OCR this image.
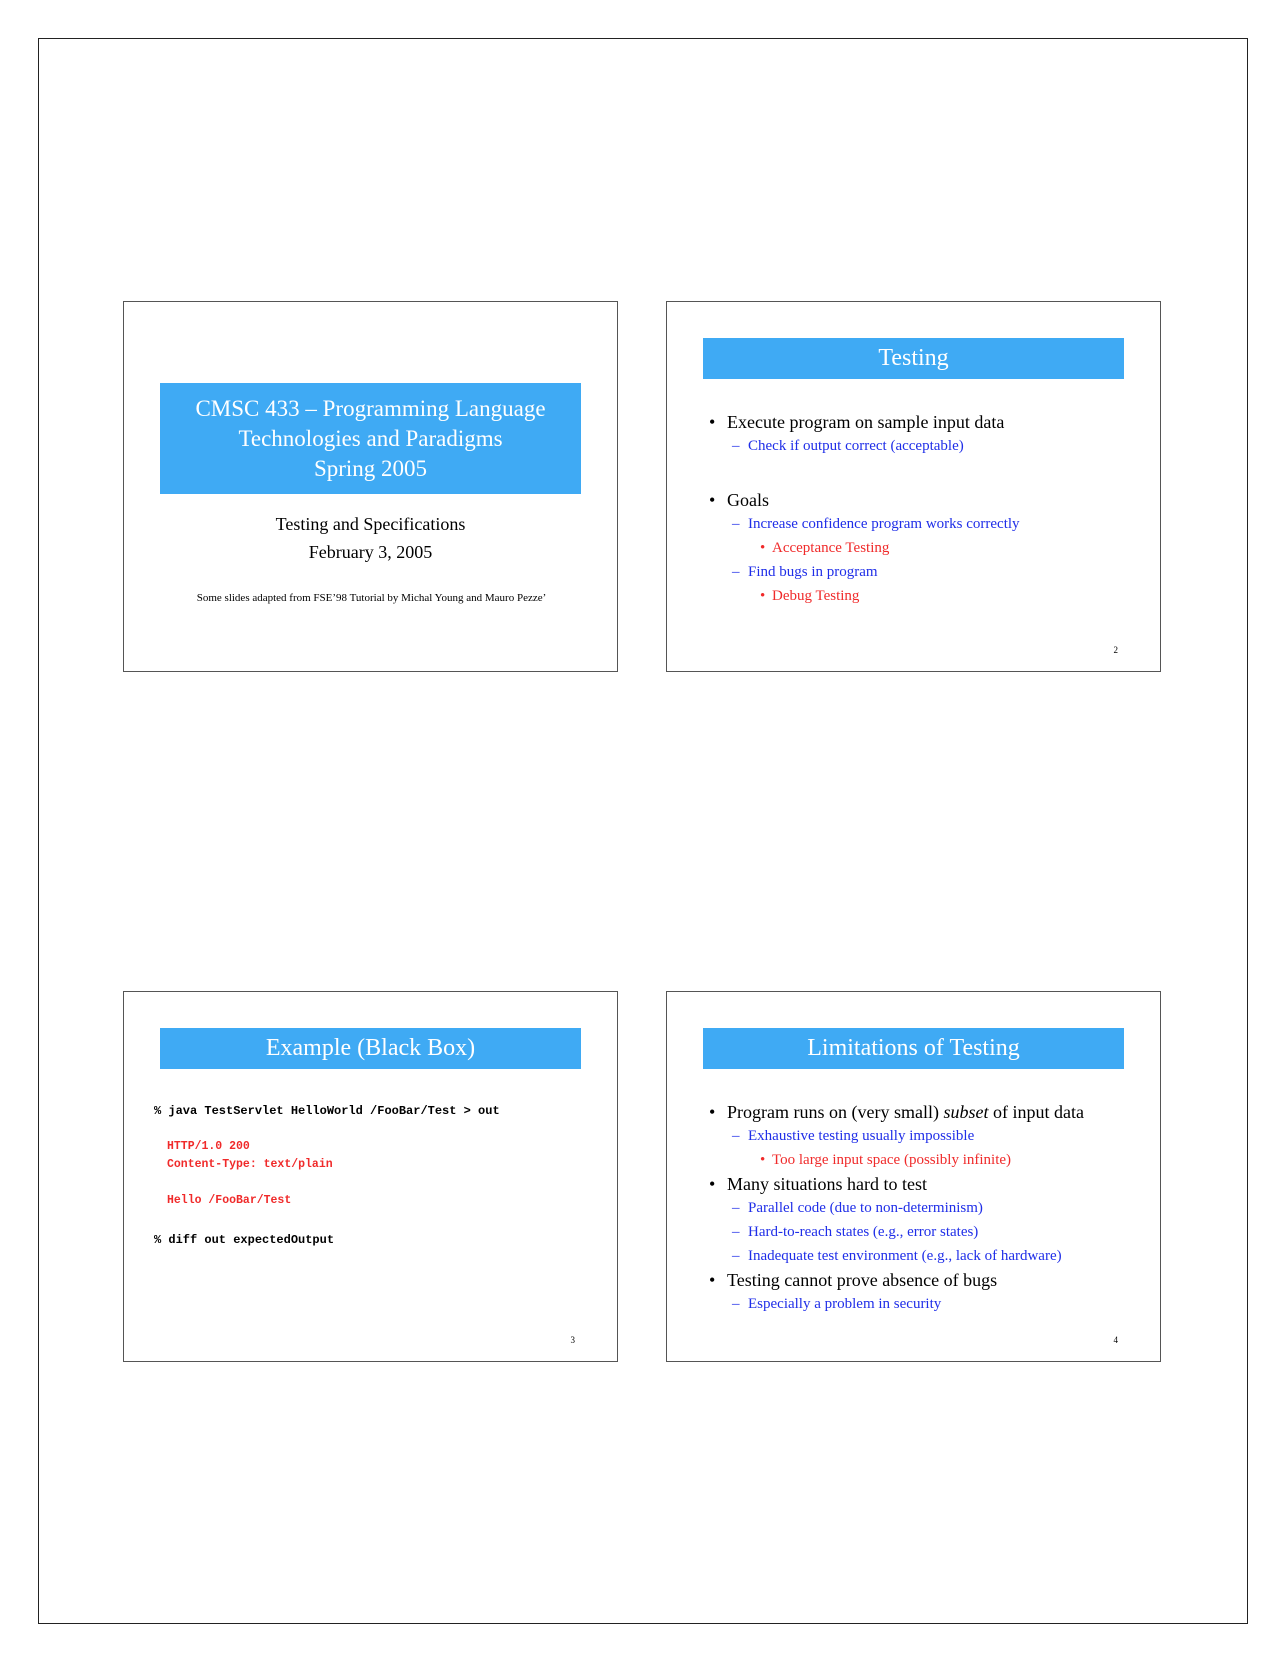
CMSC 433 – Programming Language
Technologies and Paradigms
Spring 2005
Testing and Specifications
February 3, 2005
Some slides adapted from FSE’98 Tutorial by Michal Young and Mauro Pezze’
Testing
• Execute program on sample input data
– Check if output correct (acceptable)
• Goals
– Increase confidence program works correctly
• Acceptance Testing
– Find bugs in program
• Debug Testing
2
Example (Black Box)
% java TestServlet HelloWorld /FooBar/Test > out
HTTP/1.0 200
Content-Type: text/plain
Hello /FooBar/Test
% diff out expectedOutput
3
Limitations of Testing
• Program runs on (very small) subset of input data
– Exhaustive testing usually impossible
• Too large input space (possibly infinite)
• Many situations hard to test
– Parallel code (due to non-determinism)
– Hard-to-reach states (e.g., error states)
– Inadequate test environment (e.g., lack of hardware)
• Testing cannot prove absence of bugs
– Especially a problem in security
4
